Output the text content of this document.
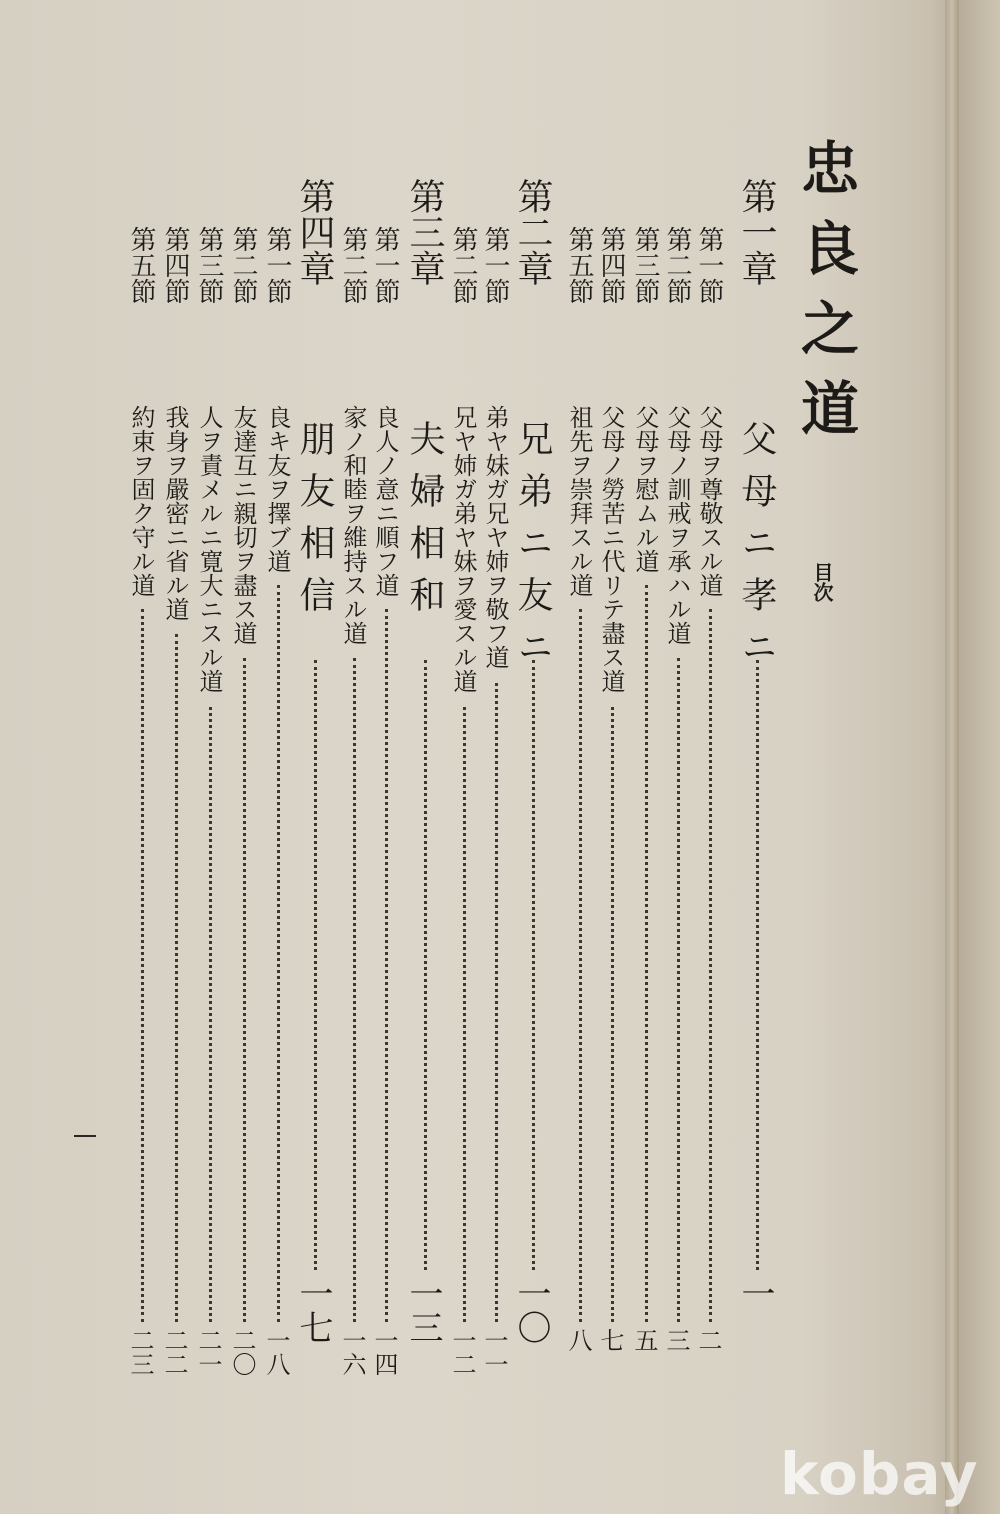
忠良之道
目次
第一章
父母ニ孝ニ
一
第一節
父母ヲ尊敬スル道
二
第二節
父母ノ訓戒ヲ承ハル道
三
第三節
父母ヲ慰ムル道
五
第四節
父母ノ勞苦ニ代リテ盡ス道
七
第五節
祖先ヲ崇拜スル道
八
第二章
兄弟ニ友ニ
一〇
第一節
弟ヤ妹ガ兄ヤ姉ヲ敬フ道
一一
第二節
兄ヤ姉ガ弟ヤ妹ヲ愛スル道
一二
第三章
夫婦相和
一三
第一節
良人ノ意ニ順フ道
一四
第二節
家ノ和睦ヲ維持スル道
一六
第四章
朋友相信
一七
第一節
良キ友ヲ擇ブ道
一八
第二節
友達互ニ親切ヲ盡ス道
二〇
第三節
人ヲ責メルニ寛大ニスル道
二一
第四節
我身ヲ嚴密ニ省ル道
二二
第五節
約束ヲ固ク守ル道
二三
kobay
